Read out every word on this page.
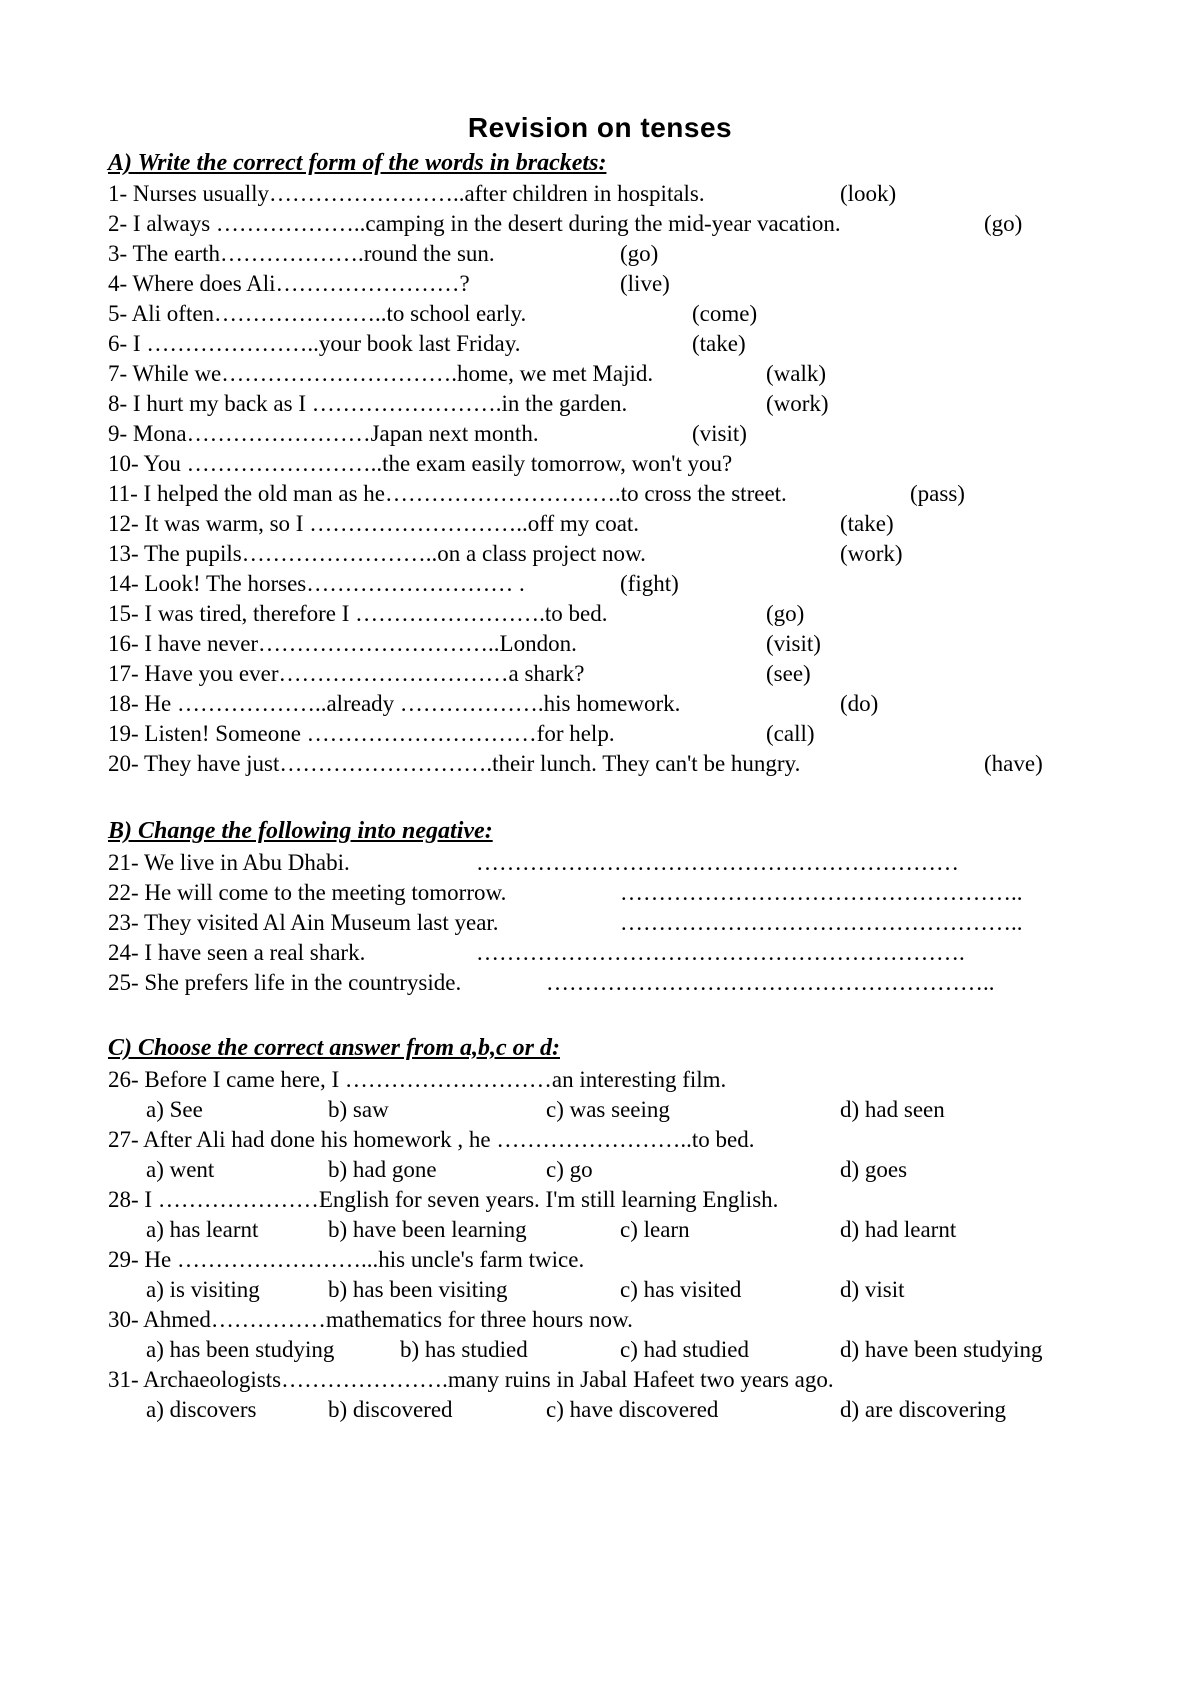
Revision on tenses
A) Write the correct form of the words in brackets:
1- Nurses usually……………………..after children in hospitals.	(look)
2- I always ………………..camping in the desert during the mid-year vacation.	(go)
3- The earth……………….round the sun.	(go)
4- Where does Ali……………………?	(live)
5- Ali often…………………..to school early.	(come)
6- I …………………..your book last Friday.	(take)
7- While we………………………….home, we met Majid.	(walk)
8- I hurt my back as I …………………….in the garden.	(work)
9- Mona……………………Japan next month.	(visit)
10- You ……………………..the exam easily tomorrow, won't you?
11- I helped the old man as he………………………….to cross the street.	(pass)
12- It was warm, so I ………………………..off my coat.	(take)
13- The pupils……………………..on a class project now.	(work)
14- Look! The horses……………………… .	(fight)
15- I was tired, therefore I …………………….to bed.	(go)
16- I have never…………………………..London.	(visit)
17- Have you ever…………………………a shark?	(see)
18- He ………………..already ……………….his homework.	(do)
19- Listen! Someone …………………………for help.	(call)
20- They have just……………………….their lunch. They can't be hungry.	(have)
B) Change the following into negative:
21- We live in Abu Dhabi.	………………………………………………………
22- He will come to the meeting tomorrow.	……………………………………………..
23- They visited Al Ain Museum last year.	……………………………………………..
24- I have seen a real shark.	……………………………………………………….
25- She prefers life in the countryside.	…………………………………………………..
C) Choose the correct answer from a,b,c or d:
26- Before I came here, I ………………………an interesting film.
a) See	b) saw	c) was seeing	d) had seen
27- After Ali had done his homework , he ……………………..to bed.
a) went	b) had gone	c) go	d) goes
28- I …………………English for seven years. I'm still learning English.
a) has learnt	b) have been learning	c) learn	d) had learnt
29- He ……………………...his uncle's farm twice.
a) is visiting	b) has been visiting	c) has visited	d) visit
30- Ahmed……………mathematics for three hours now.
a) has been studying	b) has studied	c) had studied	d) have been studying
31- Archaeologists………………….many ruins in Jabal Hafeet two years ago.
a) discovers	b) discovered	c) have discovered	d) are discovering
